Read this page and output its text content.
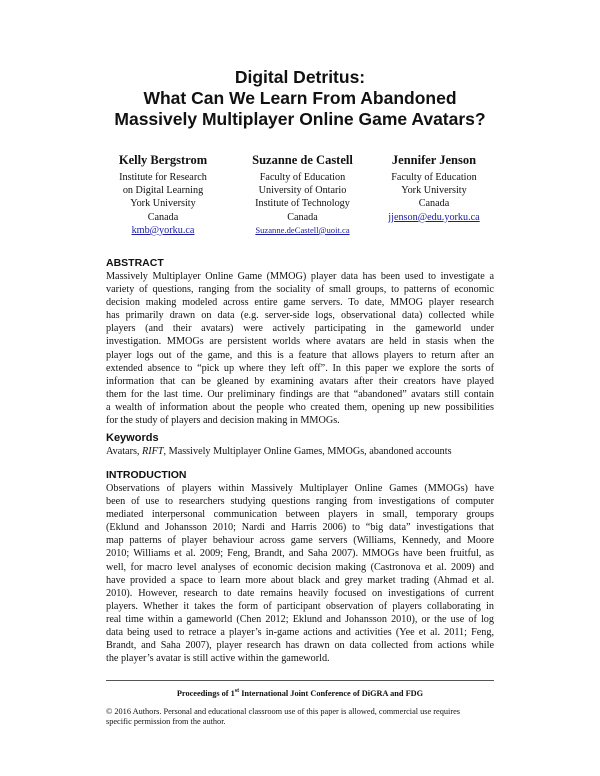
Digital Detritus:
What Can We Learn From Abandoned
Massively Multiplayer Online Game Avatars?
Kelly Bergstrom
Institute for Research
on Digital Learning
York University
Canada
kmb@yorku.ca
Suzanne de Castell
Faculty of Education
University of Ontario
Institute of Technology
Canada
Suzanne.deCastell@uoit.ca
Jennifer Jenson
Faculty of Education
York University
Canada
jjenson@edu.yorku.ca
ABSTRACT

Massively Multiplayer Online Game (MMOG) player data has been used to investigate a
variety of questions, ranging from the sociality of small groups, to patterns of economic
decision making modeled across entire game servers. To date, MMOG player research
has primarily drawn on data (e.g. server-side logs, observational data) collected while
players (and their avatars) were actively participating in the gameworld under
investigation. MMOGs are persistent worlds where avatars are held in stasis when the
player logs out of the game, and this is a feature that allows players to return after an
extended absence to “pick up where they left off”. In this paper we explore the sorts of
information that can be gleaned by examining avatars after their creators have played
them for the last time. Our preliminary findings are that “abandoned” avatars still contain
a wealth of information about the people who created them, opening up new possibilities
for the study of players and decision making in MMOGs.

Keywords

Avatars, RIFT, Massively Multiplayer Online Games, MMOGs, abandoned accounts

INTRODUCTION

Observations of players within Massively Multiplayer Online Games (MMOGs) have
been of use to researchers studying questions ranging from investigations of computer
mediated interpersonal communication between players in small, temporary groups
(Eklund and Johansson 2010; Nardi and Harris 2006) to “big data” investigations that
map patterns of player behaviour across game servers (Williams, Kennedy, and Moore
2010; Williams et al. 2009; Feng, Brandt, and Saha 2007). MMOGs have been fruitful, as
well, for macro level analyses of economic decision making (Castronova et al. 2009) and
have provided a space to learn more about black and grey market trading (Ahmad et al.
2010). However, research to date remains heavily focused on investigations of current
players. Whether it takes the form of participant observation of players collaborating in
real time within a gameworld (Chen 2012; Eklund and Johansson 2010), or the use of log
data being used to retrace a player’s in-game actions and activities (Yee et al. 2011; Feng,
Brandt, and Saha 2007), player research has drawn on data collected from actions while
the player’s avatar is still active within the gameworld.

Proceedings of 1st International Joint Conference of DiGRA and FDG
© 2016 Authors. Personal and educational classroom use of this paper is allowed, commercial use requires
specific permission from the author.
